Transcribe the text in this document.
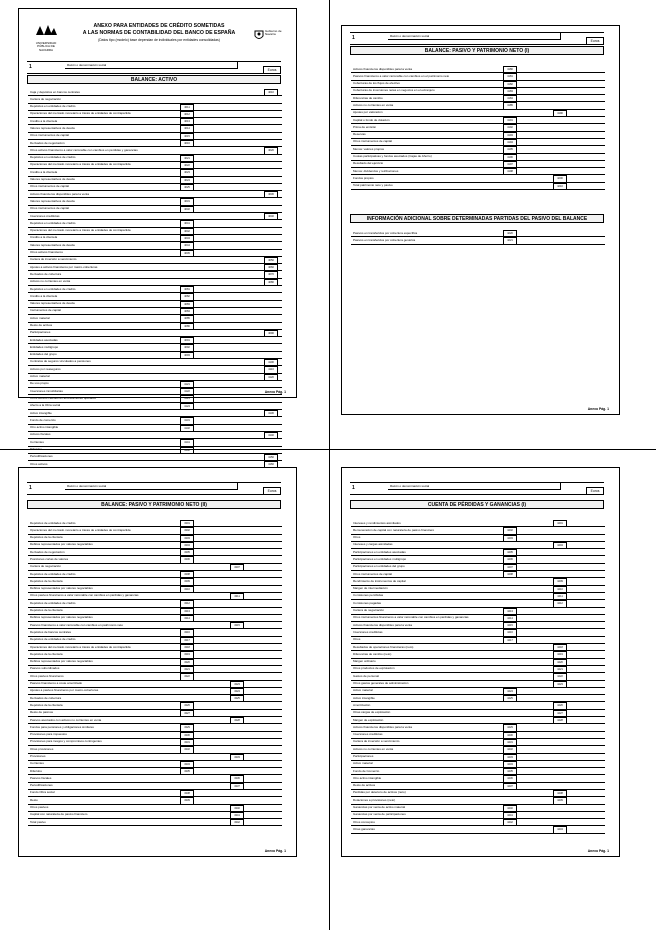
UNIVERSIDAD PÚBLICA DE NAVARRA
ANEXO PARA ENTIDADES DE CRÉDITO SOMETIDAS
A LAS NORMAS DE CONTABILIDAD DEL BANCO DE ESPAÑA
(Datos tipo (modelo) base dependan de individuales por entidades consolidadas)
Gobierno de Navarra
1	Razón o denominación social
Euros
BALANCE: ACTIVO
Caja y depósitos en bancos centrales	4010
Cartera de negociación
Depósitos en entidades de crédito	4011
Operaciones del mercado monetario a través de entidades de contrapartida	4012
Crédito a la clientela	4013
Valores representativos de deuda	4014
Otros instrumentos de capital	4015
Derivados de negociación	4016
Otros activos financieros a valor razonable con cambios en pérdidas y ganancias	4020
Depósitos en entidades de crédito	4021
Operaciones del mercado monetario a través de entidades de contrapartida	4022
Crédito a la clientela	4023
Valores representativos de deuda	4024
Otros instrumentos de capital	4025
Activos financieros disponibles para la venta	4030
Valores representativos de deuda	4031
Otros instrumentos de capital	4032
Inversiones crediticias	4040
Depósitos en entidades de crédito	4041
Operaciones del mercado monetario a través de entidades de contrapartida	4042
Crédito a la clientela	4043
Valores representativos de deuda	4044
Otros activos financieros	4045
Cartera de inversión a vencimiento	4050
Ajustes a activos financieros por macro-coberturas	4060
Derivados de cobertura	4070
Activos no corrientes en venta	4080
Depósitos en entidades de crédito	4081
Crédito a la clientela	4082
Valores representativos de deuda	4083
Instrumentos de capital	4084
Activo material	4085
Resto de activos	4086
Participaciones	4090
Entidades asociadas	4091
Entidades multigrupo	4092
Entidades del grupo	4093
Contratos de seguros vinculados a pensiones	4100
Activos por reaseguros	4110
Activo material	4120
De uso propio	4121
Inversiones inmobiliarias	4122
Otros activos cedidos en arrendamiento operativo	4123
Afecto a la Obra social	4124
Activo intangible	4130
Fondo de comercio	4131
Otro activo intangible	4132
Activos fiscales	4140
Corrientes	4141
Diferidos	4142
Periodificaciones	4150
Otros activos	4160
Anexo Pág. 1
1	Razón o denominación social
Euros
BALANCE: PASIVO Y PATRIMONIO NETO (I)
Activos financieros disponibles para la venta	4180
Pasivos financieros a valor razonable con cambios en el patrimonio neto	4181
Coberturas de los flujos de efectivo	4182
Coberturas de inversiones netas en negocios en el extranjero	4183
Diferencias de cambio	4184
Activos no corrientes en venta	4185
Ajustes por valoración	4190
Capital o fondo de dotación	4191
Prima de emisión	4192
Reservas	4193
Otros instrumentos de capital	4194
Menos: valores propios	4195
Cuotas participativas y fondos asociados (Cajas de Ahorro)	4196
Resultado del ejercicio	4197
Menos: dividendos y retribuciones	4198
Fondos propios	4200
Total patrimonio neto y pasivo	4210
INFORMACIÓN ADICIONAL SOBRE DETERMINADAS PARTIDAS DEL PASIVO DEL BALANCE
Pasivos en transferidos por cobertura específica	4220
Pasivos en transferidos por cobertura genérica	4221
Anexo Pág. 1
1	Razón o denominación social
Euros
BALANCE: PASIVO Y PATRIMONIO NETO (II)
Depósitos de entidades de crédito	4301
Operaciones del mercado monetario a través de entidades de contrapartida	4302
Depósitos de la clientela	4303
Débitos representados por valores negociables	4304
Derivados de negociación	4305
Posiciones cortas de valores	4306
Cartera de negociación	4307
Depósitos de entidades de crédito	4308
Depósitos de la clientela	4309
Débitos representados por valores negociables	4310
Otros pasivos financieros a valor razonable con cambios en pérdidas y ganancias	4311
Depósitos de entidades de crédito	4312
Depósitos de la clientela	4313
Débitos representados por valores negociables	4314
Pasivos financieros a valor razonable con cambios en patrimonio neto	4315
Depósitos de bancos centrales	4316
Depósitos de entidades de crédito	4317
Operaciones del mercado monetario a través de entidades de contrapartida	4318
Depósitos de la clientela	4319
Débitos representados por valores negociables	4320
Pasivos subordinados	4321
Otros pasivos financieros	4322
Pasivos financieros a coste amortizado	4323
Ajustes a pasivos financieros por macro-coberturas	4324
Derivados de cobertura	4325
Depósitos de la clientela	4326
Resto de pasivos	4327
Pasivos asociados con activos no corrientes en venta	4328
Fondos para pensiones y obligaciones similares	4329
Provisiones para impuestos	4330
Provisiones para riesgos y compromisos contingentes	4331
Otras provisiones	4332
Provisiones	4333
Corrientes	4334
Diferidos	4335
Pasivos fiscales	4336
Periodificaciones	4337
Fondo Obra social	4338
Resto	4339
Otros pasivos	4340
Capital con naturaleza de pasivo financiero	4341
Total pasivo	4342
Anexo Pág. 1
1	Razón o denominación social
Euros
CUENTA DE PÉRDIDAS Y GANANCIAS (I)
Intereses y rendimientos asimilados	4401
Remuneración de capital con naturaleza de pasivo financiero	4402
Otros	4403
Intereses y cargas asimiladas	4404
Participaciones en entidades asociadas	4405
Participaciones en entidades multigrupo	4406
Participaciones en entidades del grupo	4407
Otros instrumentos de capital	4408
Rendimiento de instrumentos de capital	4409
Margen de intermediación	4410
Comisiones percibidas	4411
Comisiones pagadas	4412
Cartera de negociación	4413
Otros instrumentos financieros a valor razonable con cambios en pérdidas y ganancias	4414
Activos financieros disponibles para la venta	4415
Inversiones crediticias	4416
Otros	4417
Resultados de operaciones financieras (neto)	4418
Diferencias de cambio (neto)	4419
Margen ordinario	4420
Otros productos de explotación	4421
Gastos de personal	4422
Otros gastos generales de administración	4423
Activo material	4424
Activo intangible	4425
Amortización	4426
Otras cargas de explotación	4427
Margen de explotación	4428
Activos financieros disponibles para la venta	4429
Inversiones crediticias	4430
Cartera de inversión a vencimiento	4431
Activos no corrientes en venta	4432
Participaciones	4433
Activo material	4434
Fondo de Comercio	4435
Otro activo intangible	4436
Resto de activos	4437
Pérdidas por deterioro de activos (neto)	4438
Dotaciones a provisiones (neto)	4439
Ganancias por venta de activo material	4440
Ganancias por venta de participaciones	4441
Otros conceptos	4442
Otras ganancias	4443
Anexo Pág. 1
